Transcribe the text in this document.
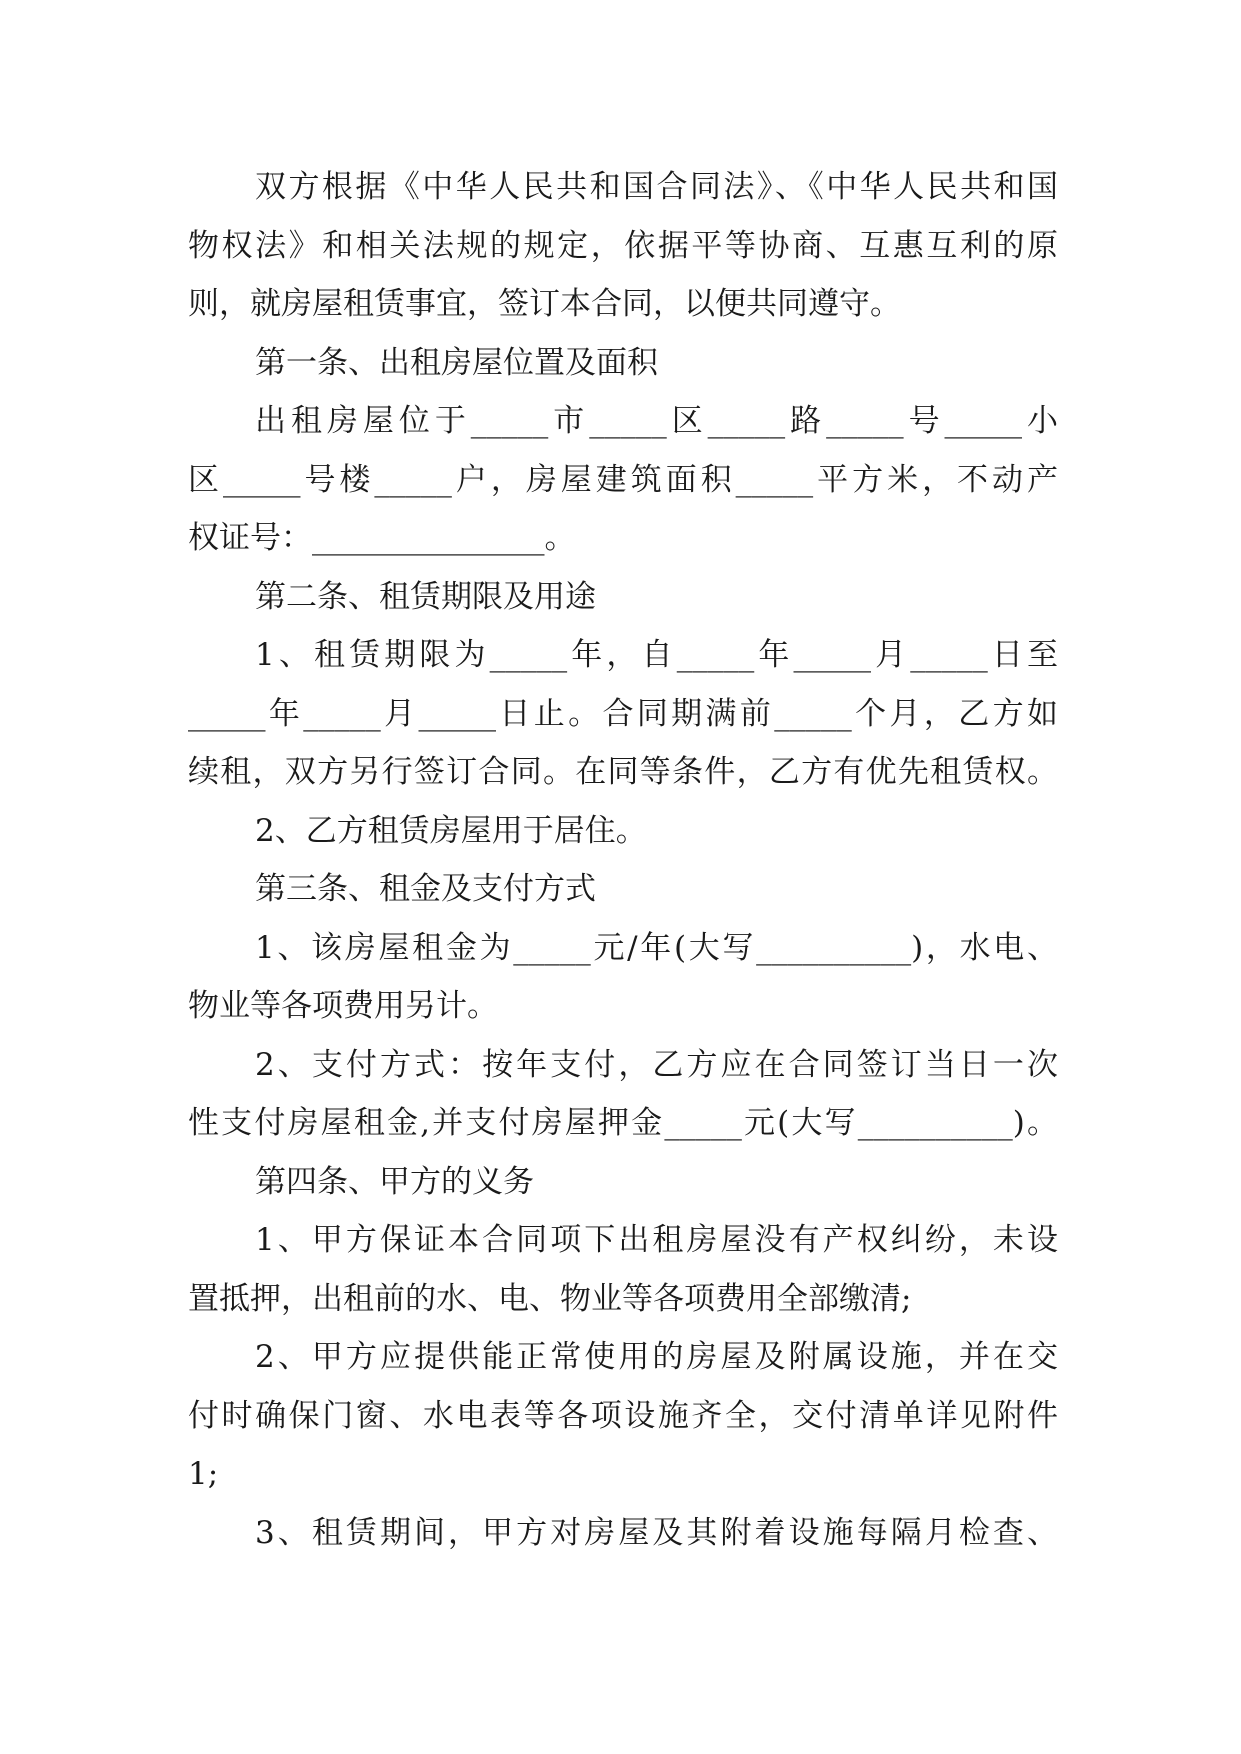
双方根据《中华人民共和国合同法》、《中华人民共和国
物权法》和相关法规的规定，依据平等协商、互惠互利的原
则，就房屋租赁事宜，签订本合同，以便共同遵守。
第一条、出租房屋位置及面积
出租房屋位于_____市_____区_____路_____号_____小
区_____号楼_____户，房屋建筑面积_____平方米，不动产
权证号：_______________。
第二条、租赁期限及用途
1、租赁期限为_____年，自_____年_____月_____日至
_____年_____月_____日止。合同期满前_____个月，乙方如
续租，双方另行签订合同。在同等条件，乙方有优先租赁权。
2、乙方租赁房屋用于居住。
第三条、租金及支付方式
1、该房屋租金为_____元/年(大写__________)，水电、
物业等各项费用另计。
2、支付方式：按年支付，乙方应在合同签订当日一次
性支付房屋租金,并支付房屋押金_____元(大写__________)。
第四条、甲方的义务
1、甲方保证本合同项下出租房屋没有产权纠纷，未设
置抵押，出租前的水、电、物业等各项费用全部缴清;
2、甲方应提供能正常使用的房屋及附属设施，并在交
付时确保门窗、水电表等各项设施齐全，交付清单详见附件
1;
3、租赁期间，甲方对房屋及其附着设施每隔月检查、
